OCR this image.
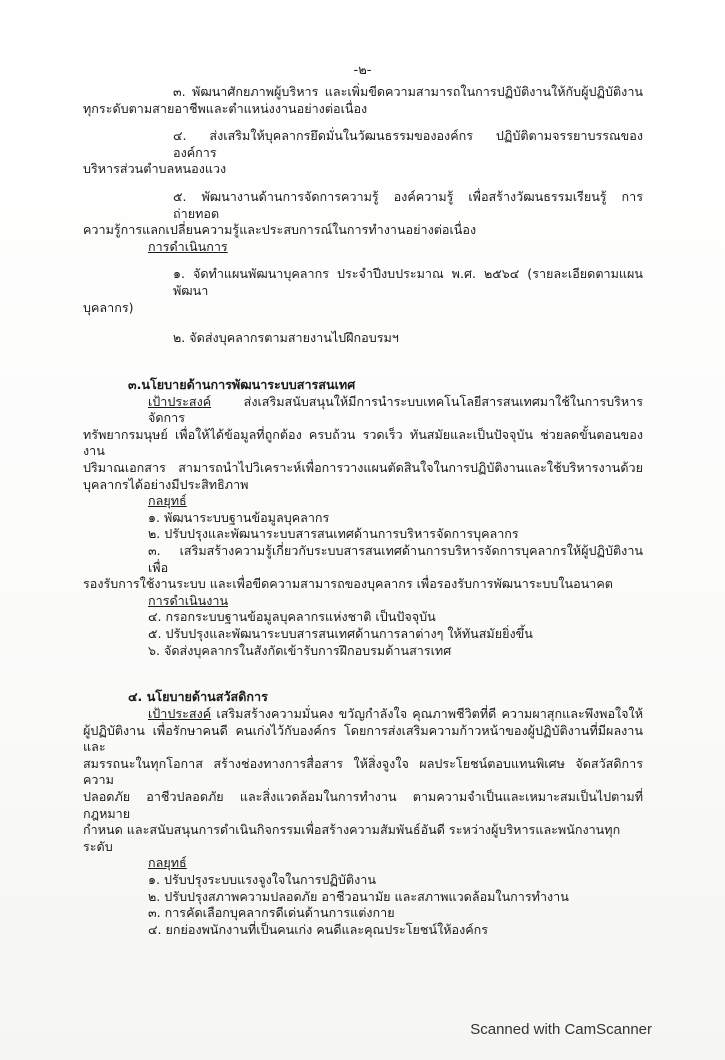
-๒-

๓. พัฒนาศักยภาพผู้บริหาร และเพิ่มขีดความสามารถในการปฏิบัติงานให้กับผู้ปฏิบัติงาน

ทุกระดับตามสายอาชีพและตำแหน่งงานอย่างต่อเนื่อง

๔. ส่งเสริมให้บุคลากรยึดมั่นในวัฒนธรรมขององค์กร ปฏิบัติตามจรรยาบรรณขององค์การ

บริหารส่วนตำบลหนองแวง

๕. พัฒนางานด้านการจัดการความรู้ องค์ความรู้ เพื่อสร้างวัฒนธรรมเรียนรู้ การถ่ายทอด

ความรู้การแลกเปลี่ยนความรู้และประสบการณ์ในการทำงานอย่างต่อเนื่อง

การดำเนินการ

๑. จัดทำแผนพัฒนาบุคลากร ประจำปีงบประมาณ พ.ศ. ๒๕๖๔ (รายละเอียดตามแผนพัฒนา

บุคลากร)

๒. จัดส่งบุคลากรตามสายงานไปฝึกอบรมฯ

๓.นโยบายด้านการพัฒนาระบบสารสนเทศ

เป้าประสงค์ ส่งเสริมสนับสนุนให้มีการนำระบบเทคโนโลยีสารสนเทศมาใช้ในการบริหารจัดการ

ทรัพยากรมนุษย์ เพื่อให้ได้ข้อมูลที่ถูกต้อง ครบถ้วน รวดเร็ว ทันสมัยและเป็นปัจจุบัน ช่วยลดขั้นตอนของงาน

ปริมาณเอกสาร สามารถนำไปวิเคราะห์เพื่อการวางแผนตัดสินใจในการปฏิบัติงานและใช้บริหารงานด้วย

บุคลากรได้อย่างมีประสิทธิภาพ

กลยุทธ์

๑. พัฒนาระบบฐานข้อมูลบุคลากร

๒. ปรับปรุงและพัฒนาระบบสารสนเทศด้านการบริหารจัดการบุคลากร

๓. เสริมสร้างความรู้เกี่ยวกับระบบสารสนเทศด้านการบริหารจัดการบุคลากรให้ผู้ปฏิบัติงานเพื่อ

รองรับการใช้งานระบบ และเพื่อขีดความสามารถของบุคลากร เพื่อรองรับการพัฒนาระบบในอนาคต

การดำเนินงาน

๔. กรอกระบบฐานข้อมูลบุคลากรแห่งชาติ เป็นปัจจุบัน

๕. ปรับปรุงและพัฒนาระบบสารสนเทศด้านการลาต่างๆ ให้ทันสมัยยิ่งขึ้น

๖. จัดส่งบุคลากรในสังกัดเข้ารับการฝึกอบรมด้านสารเทศ

๔. นโยบายด้านสวัสดิการ

เป้าประสงค์ เสริมสร้างความมั่นคง ขวัญกำลังใจ คุณภาพชีวิตที่ดี ความผาสุกและพึงพอใจให้

ผู้ปฏิบัติงาน เพื่อรักษาคนดี คนเก่งไว้กับองค์กร โดยการส่งเสริมความก้าวหน้าของผู้ปฏิบัติงานที่มีผลงานและ

สมรรถนะในทุกโอกาส สร้างช่องทางการสื่อสาร ให้สิ่งจูงใจ ผลประโยชน์ตอบแทนพิเศษ จัดสวัสดิการความ

ปลอดภัย อาชีวปลอดภัย และสิ่งแวดล้อมในการทำงาน ตามความจำเป็นและเหมาะสมเป็นไปตามที่กฎหมาย

กำหนด และสนับสนุนการดำเนินกิจกรรมเพื่อสร้างความสัมพันธ์อันดี ระหว่างผู้บริหารและพนักงานทุกระดับ

กลยุทธ์

๑. ปรับปรุงระบบแรงจูงใจในการปฏิบัติงาน

๒. ปรับปรุงสภาพความปลอดภัย อาชีวอนามัย และสภาพแวดล้อมในการทำงาน

๓. การคัดเลือกบุคลากรดีเด่นด้านการแต่งกาย

๔. ยกย่องพนักงานที่เป็นคนเก่ง คนดีและคุณประโยชน์ให้องค์กร

Scanned with CamScanner
